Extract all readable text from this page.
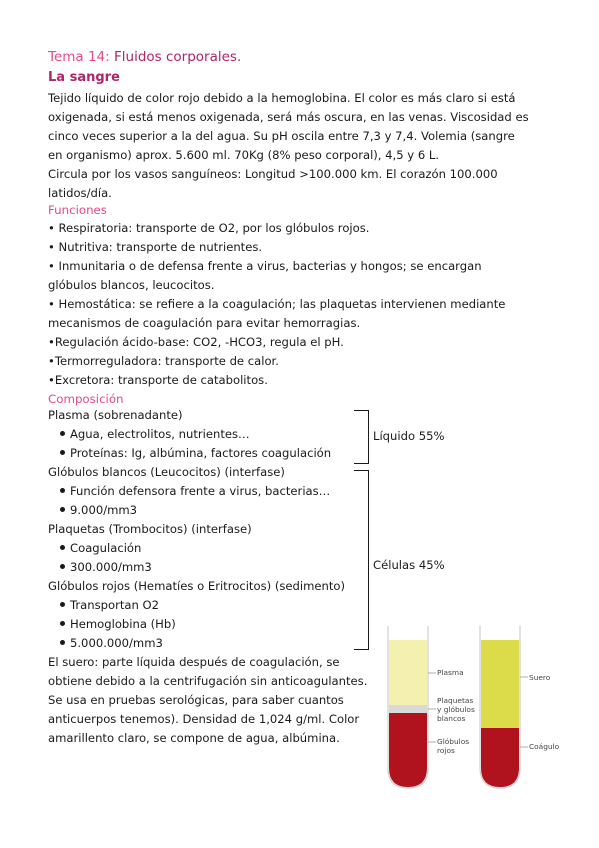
Tema 14: Fluidos corporales.
La sangre
Tejido líquido de color rojo debido a la hemoglobina. El color es más claro si está
oxigenada, si está menos oxigenada, será más oscura, en las venas. Viscosidad es
cinco veces superior a la del agua. Su pH oscila entre 7,3 y 7,4. Volemia (sangre
en organismo) aprox. 5.600 ml. 70Kg (8% peso corporal), 4,5 y 6 L.
Circula por los vasos sanguíneos: Longitud >100.000 km. El corazón 100.000
latidos/día.
Funciones
• Respiratoria: transporte de O2, por los glóbulos rojos.
• Nutritiva: transporte de nutrientes.
• Inmunitaria o de defensa frente a virus, bacterias y hongos; se encargan
glóbulos blancos, leucocitos.
• Hemostática: se refiere a la coagulación; las plaquetas intervienen mediante
mecanismos de coagulación para evitar hemorragias.
•Regulación ácido-base: CO2, -HCO3, regula el pH.
•Termorreguladora: transporte de calor.
•Excretora: transporte de catabolitos.
Composición
Plasma (sobrenadante)
Agua, electrolitos, nutrientes…
Proteínas: Ig, albúmina, factores coagulación
Glóbulos blancos (Leucocitos) (interfase)
Función defensora frente a virus, bacterias…
9.000/mm3
Plaquetas (Trombocitos) (interfase)
Coagulación
300.000/mm3
Glóbulos rojos (Hematíes o Eritrocitos) (sedimento)
Transportan O2
Hemoglobina (Hb)
5.000.000/mm3
Líquido 55%
Células 45%
El suero: parte líquida después de coagulación, se
obtiene debido a la centrifugación sin anticoagulantes.
Se usa en pruebas serológicas, para saber cuantos
anticuerpos tenemos). Densidad de 1,024 g/ml. Color
amarillento claro, se compone de agua, albúmina.
Plasma
Plaquetas
y glóbulos
blancos
Glóbulos
rojos
Suero
Coágulo
